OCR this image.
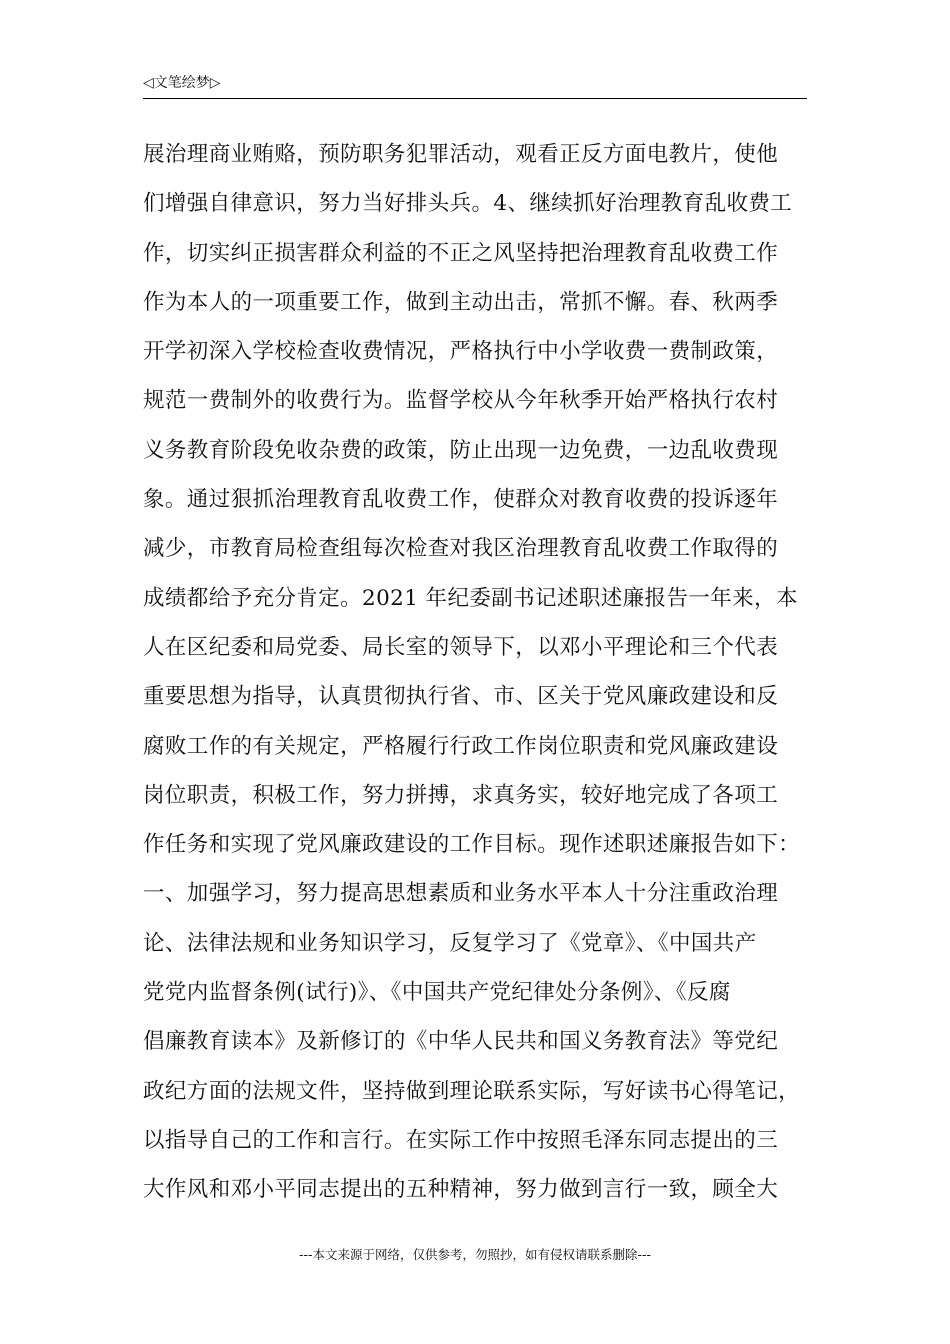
◁文笔绘梦▷
展治理商业贿赂，预防职务犯罪活动，观看正反方面电教片，使他
们增强自律意识，努力当好排头兵。4、继续抓好治理教育乱收费工
作，切实纠正损害群众利益的不正之风坚持把治理教育乱收费工作
作为本人的一项重要工作，做到主动出击，常抓不懈。春、秋两季
开学初深入学校检查收费情况，严格执行中小学收费一费制政策，
规范一费制外的收费行为。监督学校从今年秋季开始严格执行农村
义务教育阶段免收杂费的政策，防止出现一边免费，一边乱收费现
象。通过狠抓治理教育乱收费工作，使群众对教育收费的投诉逐年
减少，市教育局检查组每次检查对我区治理教育乱收费工作取得的
成绩都给予充分肯定。2021 年纪委副书记述职述廉报告一年来，本
人在区纪委和局党委、局长室的领导下，以邓小平理论和三个代表
重要思想为指导，认真贯彻执行省、市、区关于党风廉政建设和反
腐败工作的有关规定，严格履行行政工作岗位职责和党风廉政建设
岗位职责，积极工作，努力拼搏，求真务实，较好地完成了各项工
作任务和实现了党风廉政建设的工作目标。现作述职述廉报告如下：
一、加强学习，努力提高思想素质和业务水平本人十分注重政治理
论、法律法规和业务知识学习，反复学习了《党章》、《中国共产
党党内监督条例(试行)》、《中国共产党纪律处分条例》、《反腐
倡廉教育读本》及新修订的《中华人民共和国义务教育法》等党纪
政纪方面的法规文件，坚持做到理论联系实际，写好读书心得笔记，
以指导自己的工作和言行。在实际工作中按照毛泽东同志提出的三
大作风和邓小平同志提出的五种精神，努力做到言行一致，顾全大
---本文来源于网络，仅供参考，勿照抄，如有侵权请联系删除---
